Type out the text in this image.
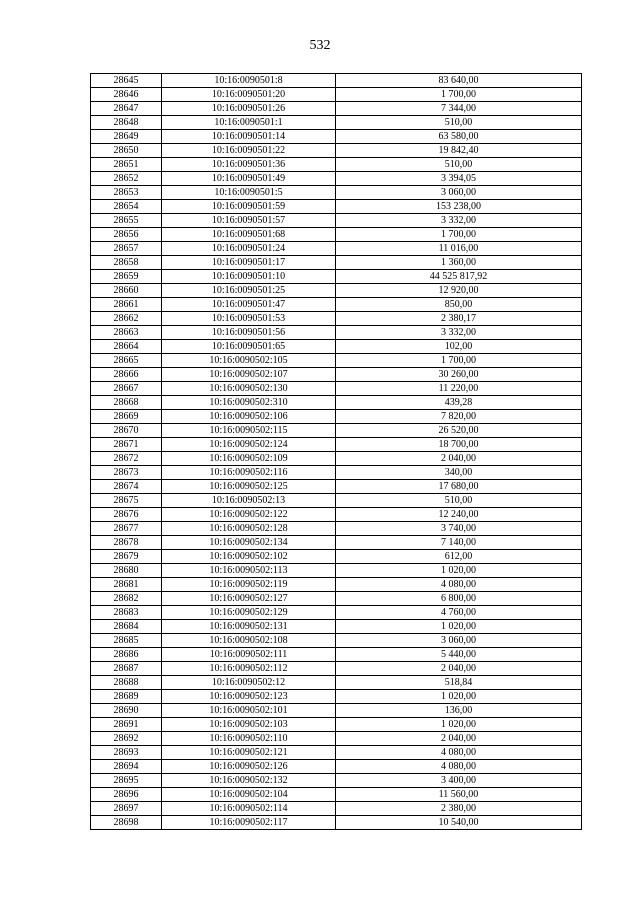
532
28645	10:16:0090501:8	83 640,00
28646	10:16:0090501:20	1 700,00
28647	10:16:0090501:26	7 344,00
28648	10:16:0090501:1	510,00
28649	10:16:0090501:14	63 580,00
28650	10:16:0090501:22	19 842,40
28651	10:16:0090501:36	510,00
28652	10:16:0090501:49	3 394,05
28653	10:16:0090501:5	3 060,00
28654	10:16:0090501:59	153 238,00
28655	10:16:0090501:57	3 332,00
28656	10:16:0090501:68	1 700,00
28657	10:16:0090501:24	11 016,00
28658	10:16:0090501:17	1 360,00
28659	10:16:0090501:10	44 525 817,92
28660	10:16:0090501:25	12 920,00
28661	10:16:0090501:47	850,00
28662	10:16:0090501:53	2 380,17
28663	10:16:0090501:56	3 332,00
28664	10:16:0090501:65	102,00
28665	10:16:0090502:105	1 700,00
28666	10:16:0090502:107	30 260,00
28667	10:16:0090502:130	11 220,00
28668	10:16:0090502:310	439,28
28669	10:16:0090502:106	7 820,00
28670	10:16:0090502:115	26 520,00
28671	10:16:0090502:124	18 700,00
28672	10:16:0090502:109	2 040,00
28673	10:16:0090502:116	340,00
28674	10:16:0090502:125	17 680,00
28675	10:16:0090502:13	510,00
28676	10:16:0090502:122	12 240,00
28677	10:16:0090502:128	3 740,00
28678	10:16:0090502:134	7 140,00
28679	10:16:0090502:102	612,00
28680	10:16:0090502:113	1 020,00
28681	10:16:0090502:119	4 080,00
28682	10:16:0090502:127	6 800,00
28683	10:16:0090502:129	4 760,00
28684	10:16:0090502:131	1 020,00
28685	10:16:0090502:108	3 060,00
28686	10:16:0090502:111	5 440,00
28687	10:16:0090502:112	2 040,00
28688	10:16:0090502:12	518,84
28689	10:16:0090502:123	1 020,00
28690	10:16:0090502:101	136,00
28691	10:16:0090502:103	1 020,00
28692	10:16:0090502:110	2 040,00
28693	10:16:0090502:121	4 080,00
28694	10:16:0090502:126	4 080,00
28695	10:16:0090502:132	3 400,00
28696	10:16:0090502:104	11 560,00
28697	10:16:0090502:114	2 380,00
28698	10:16:0090502:117	10 540,00
